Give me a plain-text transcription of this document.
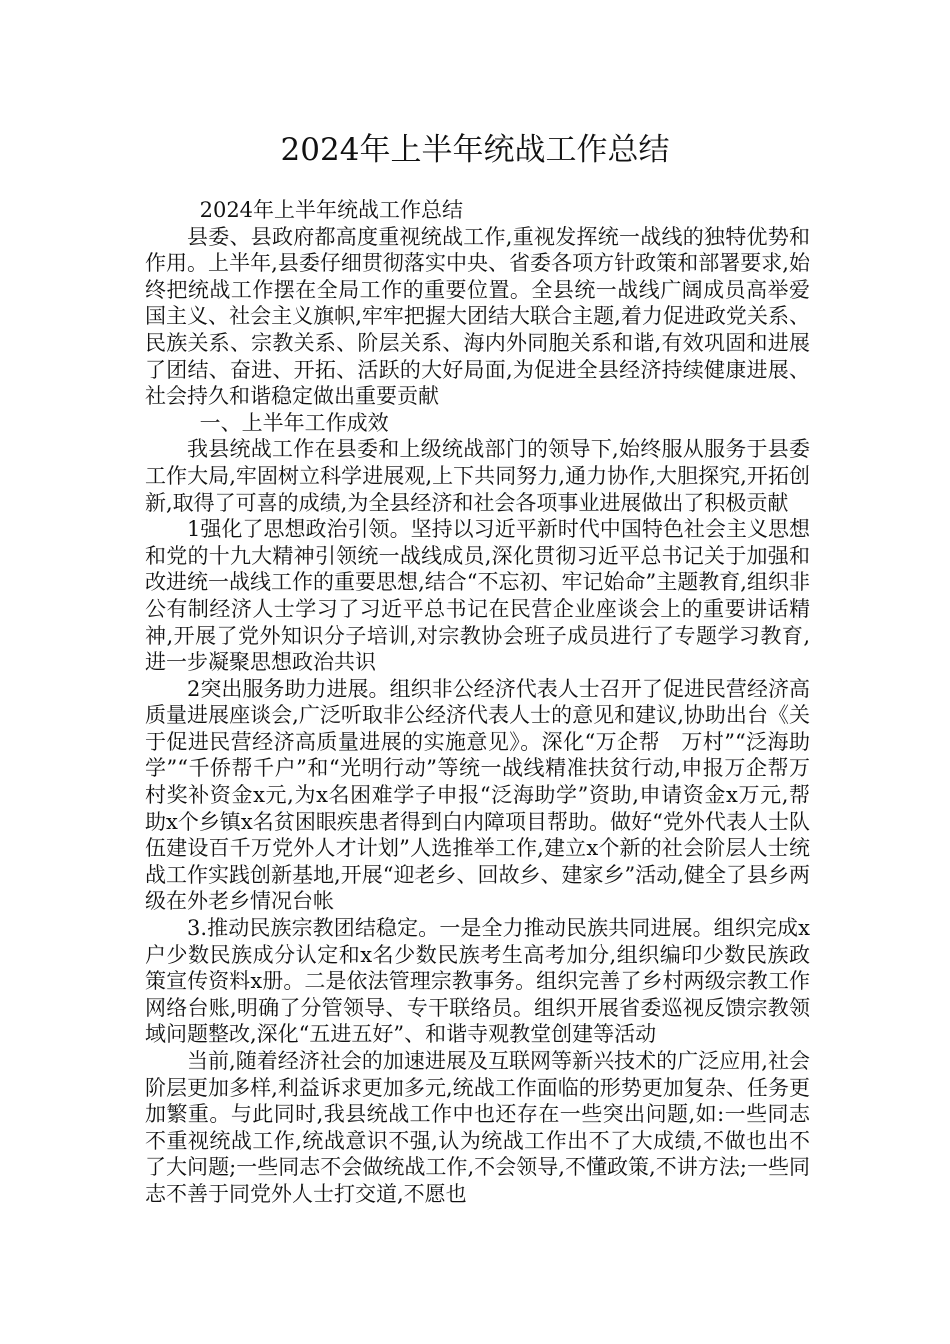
2024年上半年统战工作总结

2024年上半年统战工作总结

县委、县政府都高度重视统战工作,重视发挥统一战线的独特优势和作用。上半年,县委仔细贯彻落实中央、省委各项方针政策和部署要求,始终把统战工作摆在全局工作的重要位置。全县统一战线广阔成员高举爱国主义、社会主义旗帜,牢牢把握大团结大联合主题,着力促进政党关系、民族关系、宗教关系、阶层关系、海内外同胞关系和谐,有效巩固和进展了团结、奋进、开拓、活跃的大好局面,为促进全县经济持续健康进展、社会持久和谐稳定做出重要贡献

一、上半年工作成效

我县统战工作在县委和上级统战部门的领导下,始终服从服务于县委工作大局,牢固树立科学进展观,上下共同努力,通力协作,大胆探究,开拓创新,取得了可喜的成绩,为全县经济和社会各项事业进展做出了积极贡献

1强化了思想政治引领。坚持以习近平新时代中国特色社会主义思想和党的十九大精神引领统一战线成员,深化贯彻习近平总书记关于加强和改进统一战线工作的重要思想,结合“不忘初、牢记始命”主题教育,组织非公有制经济人士学习了习近平总书记在民营企业座谈会上的重要讲话精神,开展了党外知识分子培训,对宗教协会班子成员进行了专题学习教育,进一步凝聚思想政治共识

2突出服务助力进展。组织非公经济代表人士召开了促进民营经济高质量进展座谈会,广泛听取非公经济代表人士的意见和建议,协助出台《关于促进民营经济高质量进展的实施意见》。深化“万企帮　万村”“泛海助学”“千侨帮千户”和“光明行动”等统一战线精准扶贫行动,申报万企帮万村奖补资金x元,为x名困难学子申报“泛海助学”资助,申请资金x万元,帮助x个乡镇x名贫困眼疾患者得到白内障项目帮助。做好“党外代表人士队伍建设百千万党外人才计划”人选推举工作,建立x个新的社会阶层人士统战工作实践创新基地,开展“迎老乡、回故乡、建家乡”活动,健全了县乡两级在外老乡情况台帐

3.推动民族宗教团结稳定。一是全力推动民族共同进展。组织完成x户少数民族成分认定和x名少数民族考生高考加分,组织编印少数民族政策宣传资料x册。二是依法管理宗教事务。组织完善了乡村两级宗教工作网络台账,明确了分管领导、专干联络员。组织开展省委巡视反馈宗教领域问题整改,深化“五进五好”、和谐寺观教堂创建等活动

当前,随着经济社会的加速进展及互联网等新兴技术的广泛应用,社会阶层更加多样,利益诉求更加多元,统战工作面临的形势更加复杂、任务更加繁重。与此同时,我县统战工作中也还存在一些突出问题,如:一些同志不重视统战工作,统战意识不强,认为统战工作出不了大成绩,不做也出不了大问题;一些同志不会做统战工作,不会领导,不懂政策,不讲方法;一些同志不善于同党外人士打交道,不愿也
